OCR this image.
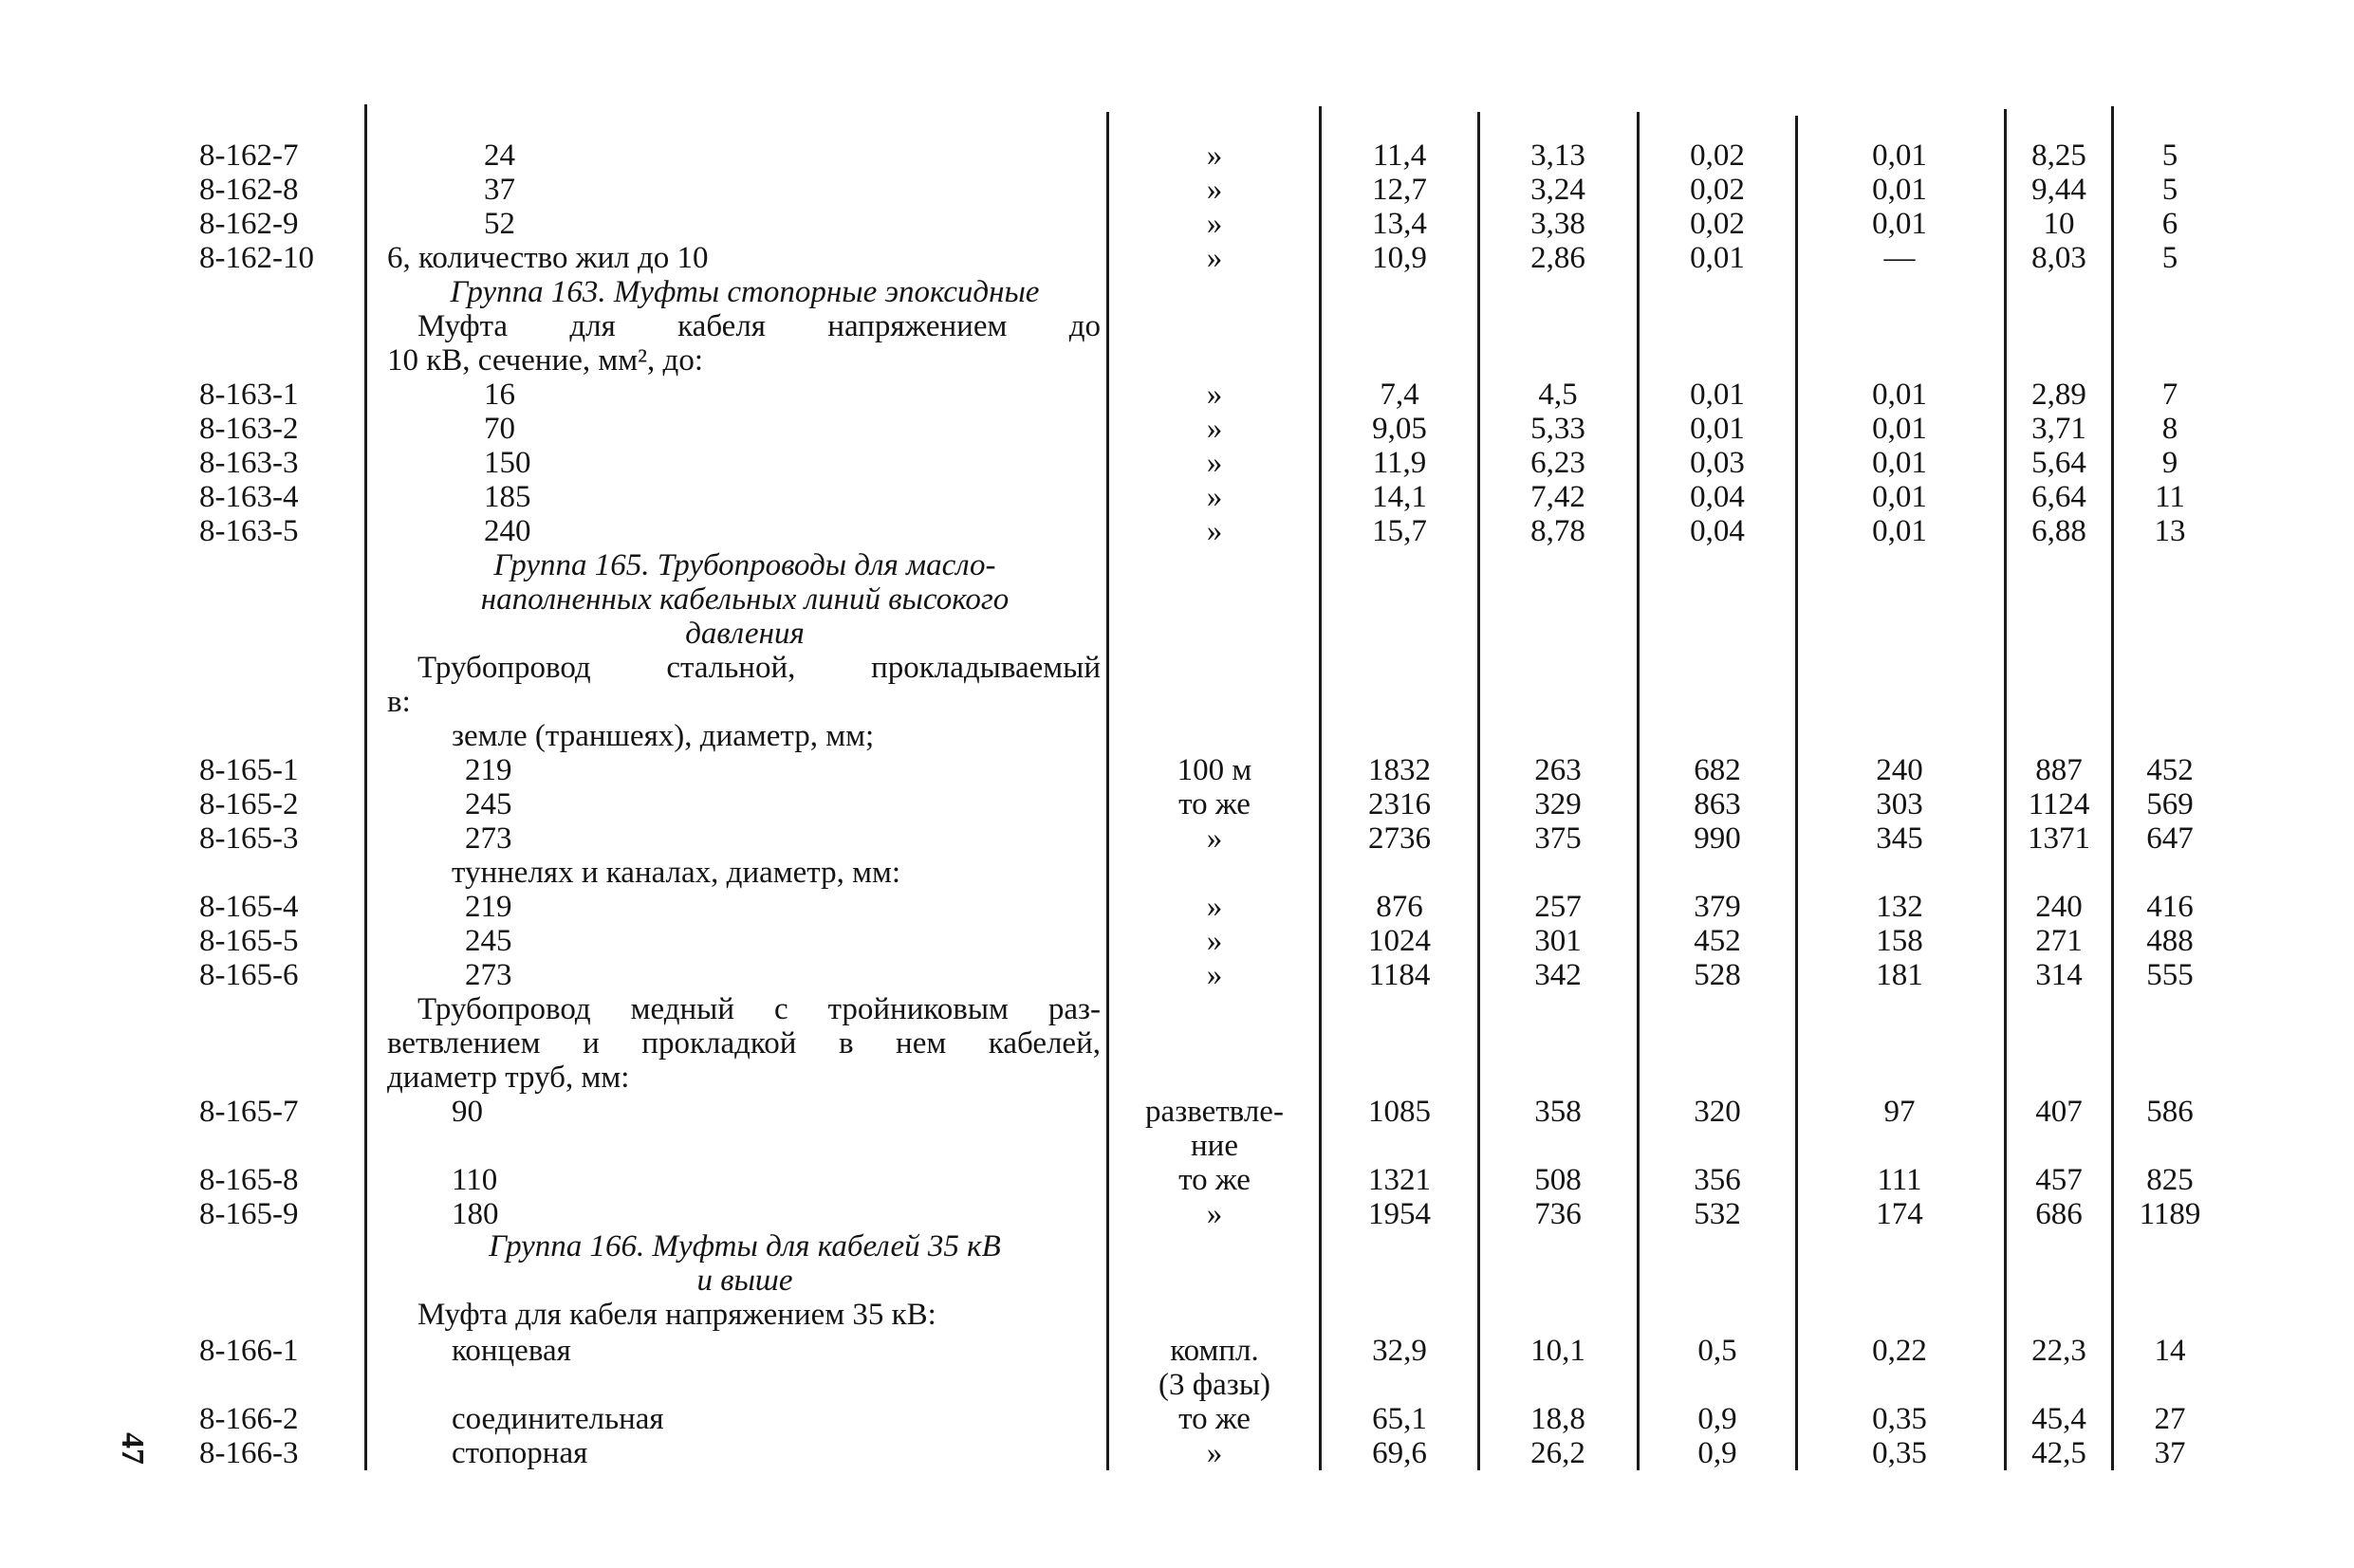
47
Группа 163. Муфты стопорные эпоксидные
Муфта для кабеля напряжением до
10 кВ, сечение, мм², до:
Группа 165. Трубопроводы для масло-
наполненных кабельных линий высокого
давления
Трубопровод стальной, прокладываемый
в:
земле (траншеях), диаметр, мм;
туннелях и каналах, диаметр, мм:
Трубопровод медный с тройниковым раз-
ветвлением и прокладкой в нем кабелей,
диаметр труб, мм:
Группа 166. Муфты для кабелей 35 кВ
и выше
Муфта для кабеля напряжением 35 кВ:
8-162-7	24	»	11,4	3,13	0,02	0,01	8,25	5
8-162-8	37	»	12,7	3,24	0,02	0,01	9,44	5
8-162-9	52	»	13,4	3,38	0,02	0,01	10	6
8-162-10	6, количество жил до 10	»	10,9	2,86	0,01	—	8,03	5
8-163-1	16	»	7,4	4,5	0,01	0,01	2,89	7
8-163-2	70	»	9,05	5,33	0,01	0,01	3,71	8
8-163-3	150	»	11,9	6,23	0,03	0,01	5,64	9
8-163-4	185	»	14,1	7,42	0,04	0,01	6,64	11
8-163-5	240	»	15,7	8,78	0,04	0,01	6,88	13
8-165-1	219	100 м	1832	263	682	240	887	452
8-165-2	245	то же	2316	329	863	303	1124	569
8-165-3	273	»	2736	375	990	345	1371	647
8-165-4	219	»	876	257	379	132	240	416
8-165-5	245	»	1024	301	452	158	271	488
8-165-6	273	»	1184	342	528	181	314	555
8-165-7	90	разветвле-	1085	358	320	97	407	586
ние
8-165-8	110	то же	1321	508	356	111	457	825
8-165-9	180	»	1954	736	532	174	686	1189
8-166-1	концевая	компл.	32,9	10,1	0,5	0,22	22,3	14
(3 фазы)
8-166-2	соединительная	то же	65,1	18,8	0,9	0,35	45,4	27
8-166-3	стопорная	»	69,6	26,2	0,9	0,35	42,5	37
